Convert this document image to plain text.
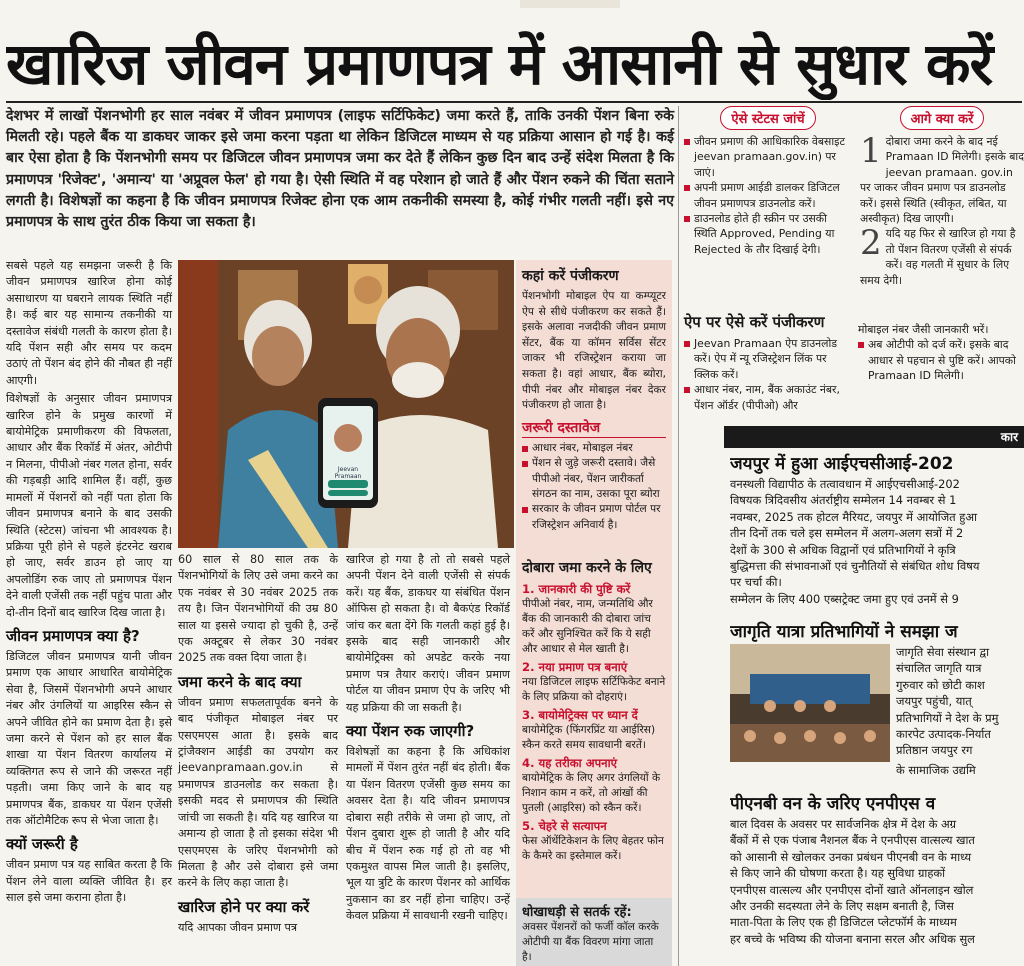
खारिज जीवन प्रमाणपत्र में आसानी से सुधार करें
देशभर में लाखों पेंशनभोगी हर साल नवंबर में जीवन प्रमाणपत्र (लाइफ सर्टिफिकेट) जमा करते हैं, ताकि उनकी पेंशन बिना रुके मिलती रहे। पहले बैंक या डाकघर जाकर इसे जमा करना पड़ता था लेकिन डिजिटल माध्यम से यह प्रक्रिया आसान हो गई है। कई बार ऐसा होता है कि पेंशनभोगी समय पर डिजिटल जीवन प्रमाणपत्र जमा कर देते हैं लेकिन कुछ दिन बाद उन्हें संदेश मिलता है कि प्रमाणपत्र 'रिजेक्ट', 'अमान्य' या 'अप्रूवल फेल' हो गया है। ऐसी स्थिति में वह परेशान हो जाते हैं और पेंशन रुकने की चिंता सताने लगती है। विशेषज्ञों का कहना है कि जीवन प्रमाणपत्र रिजेक्ट होना एक आम तकनीकी समस्या है, कोई गंभीर गलती नहीं। इसे नए प्रमाणपत्र के साथ तुरंत ठीक किया जा सकता है।

सबसे पहले यह समझना जरूरी है कि जीवन प्रमाणपत्र खारिज होना कोई असाधारण या घबराने लायक स्थिति नहीं है। कई बार यह सामान्य तकनीकी या दस्तावेज संबंधी गलती के कारण होता है। यदि पेंशन सही और समय पर कदम उठाएं तो पेंशन बंद होने की नौबत ही नहीं आएगी।

विशेषज्ञों के अनुसार जीवन प्रमाणपत्र खारिज होने के प्रमुख कारणों में बायोमेट्रिक प्रमाणीकरण की विफलता, आधार और बैंक रिकॉर्ड में अंतर, ओटीपी न मिलना, पीपीओ नंबर गलत होना, सर्वर की गड़बड़ी आदि शामिल हैं। वहीं, कुछ मामलों में पेंशनरों को नहीं पता होता कि जीवन प्रमाणपत्र बनाने के बाद उसकी स्थिति (स्टेटस) जांचना भी आवश्यक है। प्रक्रिया पूरी होने से पहले इंटरनेट खराब हो जाए, सर्वर डाउन हो जाए या अपलोडिंग रुक जाए तो प्रमाणपत्र पेंशन देने वाली एजेंसी तक नहीं पहुंच पाता और दो-तीन दिनों बाद खारिज दिख जाता है।

जीवन प्रमाणपत्र क्या है?

डिजिटल जीवन प्रमाणपत्र यानी जीवन प्रमाण एक आधार आधारित बायोमेट्रिक सेवा है, जिसमें पेंशनभोगी अपने आधार नंबर और उंगलियों या आइरिस स्कैन से अपने जीवित होने का प्रमाण देता है। इसे जमा करने से पेंशन को हर साल बैंक शाखा या पेंशन वितरण कार्यालय में व्यक्तिगत रूप से जाने की जरूरत नहीं पड़ती। जमा किए जाने के बाद यह प्रमाणपत्र बैंक, डाकघर या पेंशन एजेंसी तक ऑटोमैटिक रूप से भेजा जाता है।

क्यों जरूरी है

जीवन प्रमाण पत्र यह साबित करता है कि पेंशन लेने वाला व्यक्ति जीवित है। हर साल इसे जमा कराना होता है।

Jeevan Pramaan
कहां करें पंजीकरण
पेंशनभोगी मोबाइल ऐप या कम्प्यूटर ऐप से सीधे पंजीकरण कर सकते हैं। इसके अलावा नजदीकी जीवन प्रमाण सेंटर, बैंक या कॉमन सर्विस सेंटर जाकर भी रजिस्ट्रेशन कराया जा सकता है। वहां आधार, बैंक ब्योरा, पीपी नंबर और मोबाइल नंबर देकर पंजीकरण हो जाता है।
जरूरी दस्तावेज
आधार नंबर, मोबाइल नंबर
पेंशन से जुड़े जरूरी दस्तावे। जैसे पीपीओ नंबर, पेंशन जारीकर्ता संगठन का नाम, उसका पूरा ब्योरा
सरकार के जीवन प्रमाण पोर्टल पर रजिस्ट्रेशन अनिवार्य है।

60 साल से 80 साल तक के पेंशनभोगियों के लिए उसे जमा करने का एक नवंबर से 30 नवंबर 2025 तक तय है। जिन पेंशनभोगियों की उम्र 80 साल या इससे ज्यादा हो चुकी है, उन्हें एक अक्टूबर से लेकर 30 नवंबर 2025 तक वक्त दिया जाता है।

जमा करने के बाद क्या

जीवन प्रमाण सफलतापूर्वक बनने के बाद पंजीकृत मोबाइल नंबर पर एसएमएस आता है। इसके बाद ट्रांजैक्शन आईडी का उपयोग कर jeevanpramaan.gov.in से प्रमाणपत्र डाउनलोड कर सकता है। इसकी मदद से प्रमाणपत्र की स्थिति जांची जा सकती है। यदि यह खारिज या अमान्य हो जाता है तो इसका संदेश भी एसएमएस के जरिए पेंशनभोगी को मिलता है और उसे दोबारा इसे जमा करने के लिए कहा जाता है।

खारिज होने पर क्या करें

यदि आपका जीवन प्रमाण पत्र

खारिज हो गया है तो तो सबसे पहले अपनी पेंशन देने वाली एजेंसी से संपर्क करें। यह बैंक, डाकघर या संबंधित पेंशन ऑफिस हो सकता है। वो बैकएंड रिकॉर्ड जांच कर बता देंगे कि गलती कहां हुई है। इसके बाद सही जानकारी और बायोमेट्रिक्स को अपडेट करके नया प्रमाण पत्र तैयार कराएं। जीवन प्रमाण पोर्टल या जीवन प्रमाण ऐप के जरिए भी यह प्रक्रिया की जा सकती है।

क्या पेंशन रुक जाएगी?

विशेषज्ञों का कहना है कि अधिकांश मामलों में पेंशन तुरंत नहीं बंद होती। बैंक या पेंशन वितरण एजेंसी कुछ समय का अवसर देता है। यदि जीवन प्रमाणपत्र दोबारा सही तरीके से जमा हो जाए, तो पेंशन दुबारा शुरू हो जाती है और यदि बीच में पेंशन रुक गई हो तो वह भी एकमुश्त वापस मिल जाती है। इसलिए, भूल या त्रुटि के कारण पेंशनर को आर्थिक नुकसान का डर नहीं होना चाहिए। उन्हें केवल प्रक्रिया में सावधानी रखनी चाहिए।

दोबारा जमा करने के लिए
1. जानकारी की पुष्टि करें
पीपीओ नंबर, नाम, जन्मतिथि और बैंक की जानकारी की दोबारा जांच करें और सुनिश्चित करें कि ये सही और आधार से मेल खाती है।
2. नया प्रमाण पत्र बनाएं
नया डिजिटल लाइफ सर्टिफिकेट बनाने के लिए प्रक्रिया को दोहराएं।
3. बायोमेट्रिक्स पर ध्यान दें
बायोमेट्रिक (फिंगरप्रिंट या आईरिस) स्कैन करते समय सावधानी बरतें।
4. यह तरीका अपनाएं
बायोमेट्रिक के लिए अगर उंगलियों के निशान काम न करें, तो आंखों की पुतली (आइरिस) को स्कैन करें।
5. चेहरे से सत्यापन
फेस ऑथेंटिकेशन के लिए बेहतर फोन के कैमरे का इस्तेमाल करें।
धोखाधड़ी से सतर्क रहें:
अवसर पेंशनरों को फर्जी कॉल करके ओटीपी या बैंक विवरण मांगा जाता है।
ऐसे स्टेटस जांचें
जीवन प्रमाण की आधिकारिक वेबसाइट jeevan pramaan.gov.in) पर जाएं।
अपनी प्रमाण आईडी डालकर डिजिटल जीवन प्रमाणपत्र डाउनलोड करें।
डाउनलोड होते ही स्क्रीन पर उसकी स्थिति Approved, Pending या Rejected के तौर दिखाई देगी।
आगे क्या करें
1 दोबारा जमा करने के बाद नई Pramaan ID मिलेगी। इसके बाद jeevan pramaan. gov.in पर जाकर जीवन प्रमाण पत्र डाउनलोड करें। इससे स्थिति (स्वीकृत, लंबित, या अस्वीकृत) दिख जाएगी।
2 यदि यह फिर से खारिज हो गया है तो पेंशन वितरण एजेंसी से संपर्क करें। वह गलती में सुधार के लिए समय देगी।
ऐप पर ऐसे करें पंजीकरण
Jeevan Pramaan ऐप डाउनलोड करें। ऐप में न्यू रजिस्ट्रेशन लिंक पर क्लिक करें।
आधार नंबर, नाम, बैंक अकाउंट नंबर, पेंशन ऑर्डर (पीपीओ) और
मोबाइल नंबर जैसी जानकारी भरें।
अब ओटीपी को दर्ज करें। इसके बाद आधार से पहचान से पुष्टि करें। आपको Pramaan ID मिलेगी।
कार
जयपुर में हुआ आईएचसीआई-202
वनस्थली विद्यापीठ के तत्वावधान में आईएचसीआई-202
विषयक त्रिदिवसीय अंतर्राष्ट्रीय सम्मेलन 14 नवम्बर से 1
नवम्बर, 2025 तक होटल मैरियट, जयपुर में आयोजित हुआ
तीन दिनों तक चले इस सम्मेलन में अलग-अलग सत्रों में 2
देशों के 300 से अधिक विद्वानों एवं प्रतिभागियों ने कृत्रि
बुद्धिमत्ता की संभावनाओं एवं चुनौतियों से संबंधित शोध विषय
पर चर्चा की।
सम्मेलन के लिए 400 एब्सट्रेक्ट जमा हुए एवं उनमें से 9
जागृति यात्रा प्रतिभागियों ने समझा ज
जागृति सेवा संस्थान द्वा
संचालित जागृति यात्र
गुरुवार को छोटी काश
जयपुर पहुंची, यात्
प्रतिभागियों ने देश के प्रमु
कारपेट उत्पादक-निर्यात
प्रतिष्ठान जयपुर रग
के सामाजिक उद्यमि
पीएनबी वन के जरिए एनपीएस व
बाल दिवस के अवसर पर सार्वजनिक क्षेत्र में देश के अग्र
बैंकों में से एक पंजाब नैशनल बैंक ने एनपीएस वात्सल्य खात
को आसानी से खोलकर उनका प्रबंधन पीएनबी वन के माध्य
से किए जाने की घोषणा करता है। यह सुविधा ग्राहकों
एनपीएस वात्सल्य और एनपीएस दोनों खाते ऑनलाइन खोल
और उनकी सदस्यता लेने के लिए सक्षम बनाती है, जिस
माता-पिता के लिए एक ही डिजिटल प्लेटफॉर्म के माध्यम
हर बच्चे के भविष्य की योजना बनाना सरल और अधिक सुल
